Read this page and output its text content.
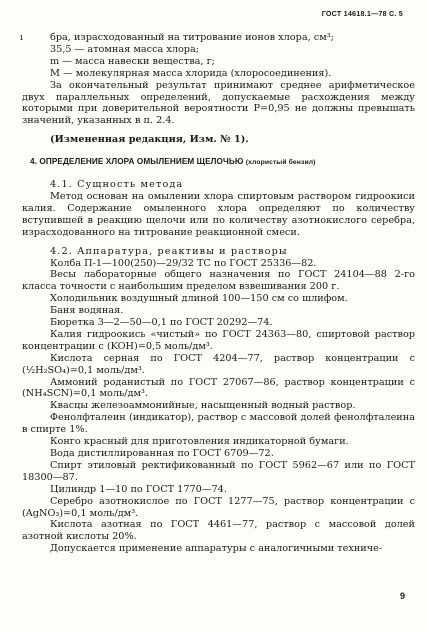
ГОСТ 14618.1—78 С. 5
ı	бра, израсходованный на титрование ионов хлора, см³;

35,5 — атомная масса хлора;

m — масса навески вещества, г;

M — молекулярная масса хлорида (хлоросоединения).

За окончательный результат принимают среднее арифметическое двух параллельных определений, допускаемые расхождения между которыми при доверительной вероятности P=0,95 не должны превышать значений, указанных в п. 2.4.

(Измененная редакция, Изм. № 1).

4. ОПРЕДЕЛЕНИЕ ХЛОРА ОМЫЛЕНИЕМ ЩЕЛОЧЬЮ (хлористый бензил)

4.1. Сущность метода

Метод основан на омылении хлора спиртовым раствором гидроокиси калия. Содержание омыленного хлора определяют по количеству вступившей в реакцию щелочи или по количеству азотнокислого серебра, израсходованного на титрование реакционной смеси.

4.2. Аппаратура, реактивы и растворы

Колба П-1—100(250)—29/32 ТС по ГОСТ 25336—82.

Весы лабораторные общего назначения по ГОСТ 24104—88 2-го класса точности с наибольшим пределом взвешивания 200 г.

Холодильник воздушный длиной 100—150 см со шлифом.

Баня водяная.

Бюретка 3—2—50—0,1 по ГОСТ 20292—74.

Калия гидроокись «чистый» по ГОСТ 24363—80, спиртовой раствор концентрации с (KOH)=0,5 моль/дм³.

Кислота серная по ГОСТ 4204—77, раствор концентрации с (½H₂SO₄)=0,1 моль/дм³.

Аммоний роданистый по ГОСТ 27067—86, раствор концентрации с (NH₄SCN)=0,1 моль/дм³.

Квасцы железоаммонийные, насыщенный водный раствор.

Фенолфталеин (индикатор), раствор с массовой долей фенолфталеина в спирте 1%.

Конго красный для приготовления индикаторной бумаги.

Вода дистиллированная по ГОСТ 6709—72.

Спирт этиловый ректификованный по ГОСТ 5962—67 или по ГОСТ 18300—87.

Цилиндр 1—10 по ГОСТ 1770—74.

Серебро азотнокислое по ГОСТ 1277—75, раствор концентрации с (AgNO₃)=0,1 моль/дм³.

Кислота азотная по ГОСТ 4461—77, раствор с массовой долей азотной кислоты 20%.

Допускается применение аппаратуры с аналогичными техниче-

9
